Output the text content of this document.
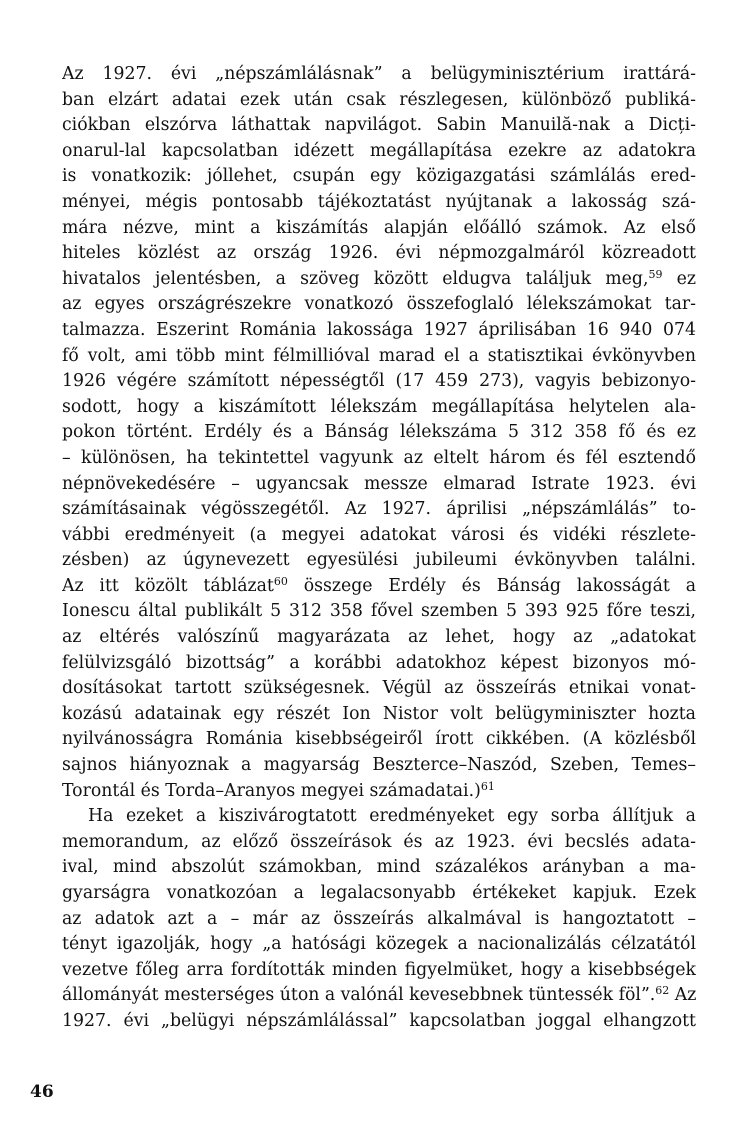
Az 1927. évi „népszámlálásnak” a belügyminisztérium irattárá-
ban elzárt adatai ezek után csak részlegesen, különböző publiká-
ciókban elszórva láthattak napvilágot. Sabin Manuilă-nak a Dicți-
onarul-lal kapcsolatban idézett megállapítása ezekre az adatokra
is vonatkozik: jóllehet, csupán egy közigazgatási számlálás ered-
ményei, mégis pontosabb tájékoztatást nyújtanak a lakosság szá-
mára nézve, mint a kiszámítás alapján előálló számok. Az első
hiteles közlést az ország 1926. évi népmozgalmáról közreadott
hivatalos jelentésben, a szöveg között eldugva találjuk meg,$^{59}$ ez
az egyes országrészekre vonatkozó összefoglaló lélekszámokat tar-
talmazza. Eszerint Románia lakossága 1927 áprilisában 16 940 074
fő volt, ami több mint félmillióval marad el a statisztikai évkönyvben
1926 végére számított népességtől (17 459 273), vagyis bebizonyo-
sodott, hogy a kiszámított lélekszám megállapítása helytelen ala-
pokon történt. Erdély és a Bánság lélekszáma 5 312 358 fő és ez
– különösen, ha tekintettel vagyunk az eltelt három és fél esztendő
népnövekedésére – ugyancsak messze elmarad Istrate 1923. évi
számításainak végösszegétől. Az 1927. áprilisi „népszámlálás” to-
vábbi eredményeit (a megyei adatokat városi és vidéki részlete-
zésben) az úgynevezett egyesülési jubileumi évkönyvben találni.
Az itt közölt táblázat$^{60}$ összege Erdély és Bánság lakosságát a
Ionescu által publikált 5 312 358 fővel szemben 5 393 925 főre teszi,
az eltérés valószínű magyarázata az lehet, hogy az „adatokat
felülvizsgáló bizottság” a korábbi adatokhoz képest bizonyos mó-
dosításokat tartott szükségesnek. Végül az összeírás etnikai vonat-
kozású adatainak egy részét Ion Nistor volt belügyminiszter hozta
nyilvánosságra Románia kisebbségeiről írott cikkében. (A közlésből
sajnos hiányoznak a magyarság Beszterce–Naszód, Szeben, Temes–
Torontál és Torda–Aranyos megyei számadatai.)$^{61}$
Ha ezeket a kiszivárogtatott eredményeket egy sorba állítjuk a
memorandum, az előző összeírások és az 1923. évi becslés adata-
ival, mind abszolút számokban, mind százalékos arányban a ma-
gyarságra vonatkozóan a legalacsonyabb értékeket kapjuk. Ezek
az adatok azt a – már az összeírás alkalmával is hangoztatott –
tényt igazolják, hogy „a hatósági közegek a nacionalizálás célzatától
vezetve főleg arra fordították minden figyelmüket, hogy a kisebbségek
állományát mesterséges úton a valónál kevesebbnek tüntessék föl”.$^{62}$ Az
1927. évi „belügyi népszámlálással” kapcsolatban joggal elhangzott
46
